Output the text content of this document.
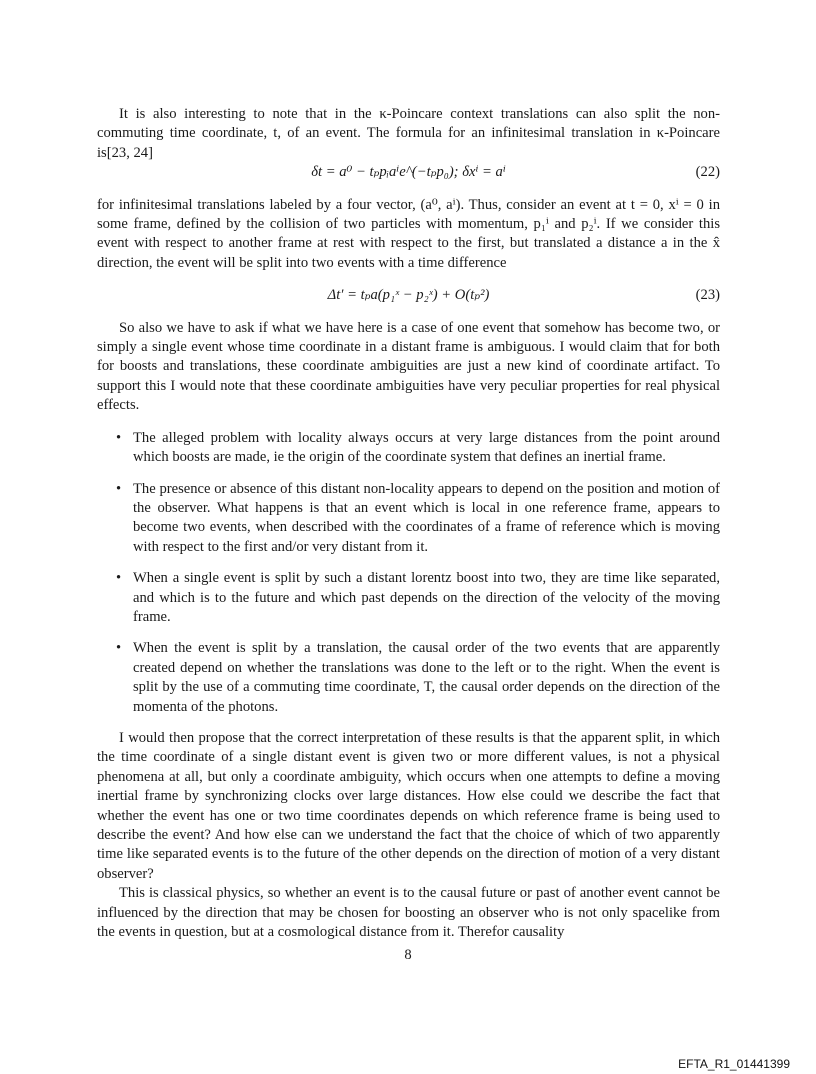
It is also interesting to note that in the κ-Poincare context translations can also split the non-commuting time coordinate, t, of an event. The formula for an infinitesimal translation in κ-Poincare is[23, 24]

δt = a⁰ − tₚpᵢaⁱe^(−tₚp₀); δxⁱ = aⁱ	(22)

for infinitesimal translations labeled by a four vector, (a⁰, aⁱ). Thus, consider an event at t = 0, xⁱ = 0 in some frame, defined by the collision of two particles with momentum, p₁ⁱ and p₂ⁱ. If we consider this event with respect to another frame at rest with respect to the first, but translated a distance a in the x̂ direction, the event will be split into two events with a time difference

Δt′ = tₚa(p₁ˣ − p₂ˣ) + O(tₚ²)	(23)

So also we have to ask if what we have here is a case of one event that somehow has become two, or simply a single event whose time coordinate in a distant frame is ambiguous. I would claim that for both for boosts and translations, these coordinate ambiguities are just a new kind of coordinate artifact. To support this I would note that these coordinate ambiguities have very peculiar properties for real physical effects.

• The alleged problem with locality always occurs at very large distances from the point around which boosts are made, ie the origin of the coordinate system that defines an inertial frame.
• The presence or absence of this distant non-locality appears to depend on the position and motion of the observer. What happens is that an event which is local in one reference frame, appears to become two events, when described with the coordinates of a frame of reference which is moving with respect to the first and/or very distant from it.
• When a single event is split by such a distant lorentz boost into two, they are time like separated, and which is to the future and which past depends on the direction of the velocity of the moving frame.
• When the event is split by a translation, the causal order of the two events that are apparently created depend on whether the translations was done to the left or to the right. When the event is split by the use of a commuting time coordinate, T, the causal order depends on the direction of the momenta of the photons.

I would then propose that the correct interpretation of these results is that the apparent split, in which the time coordinate of a single distant event is given two or more different values, is not a physical phenomena at all, but only a coordinate ambiguity, which occurs when one attempts to define a moving inertial frame by synchronizing clocks over large distances. How else could we describe the fact that whether the event has one or two time coordinates depends on which reference frame is being used to describe the event? And how else can we understand the fact that the choice of which of two apparently time like separated events is to the future of the other depends on the direction of motion of a very distant observer?

This is classical physics, so whether an event is to the causal future or past of another event cannot be influenced by the direction that may be chosen for boosting an observer who is not only spacelike from the events in question, but at a cosmological distance from it. Therefor causality

8
EFTA_R1_01441399
